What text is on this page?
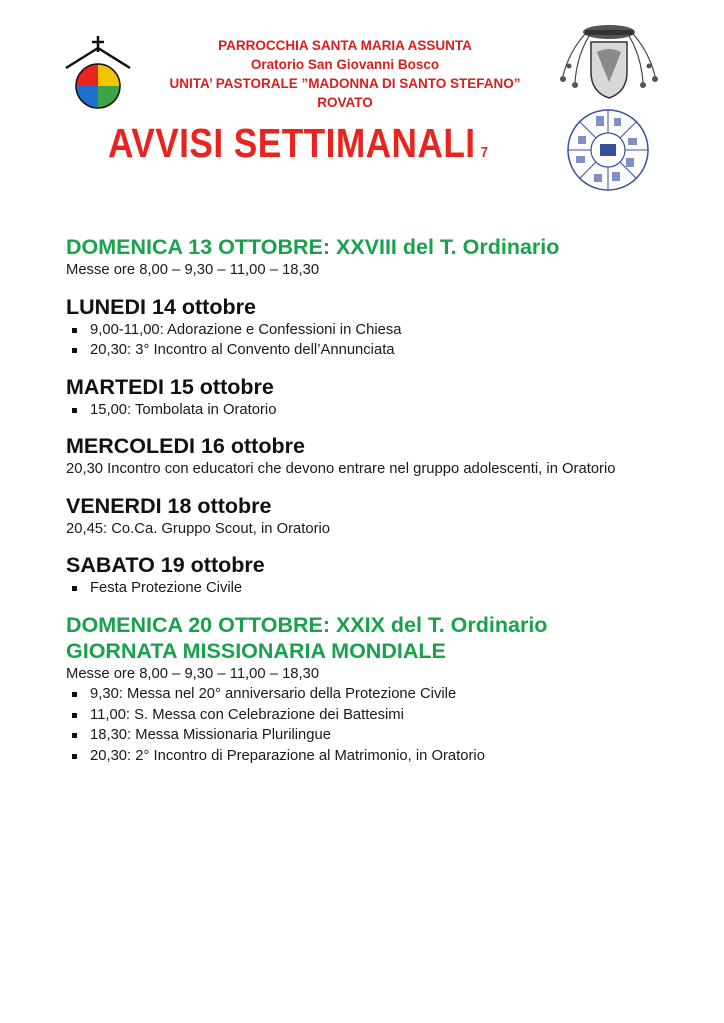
PARROCCHIA SANTA MARIA ASSUNTA
Oratorio San Giovanni Bosco
UNITA’ PASTORALE ”MADONNA DI SANTO STEFANO”
ROVATO
AVVISI SETTIMANALI 7
DOMENICA 13 OTTOBRE: XXVIII del T. Ordinario
Messe ore 8,00 – 9,30 – 11,00 – 18,30
LUNEDI 14 ottobre
9,00-11,00: Adorazione e Confessioni in Chiesa
20,30: 3° Incontro al Convento dell’Annunciata
MARTEDI 15 ottobre
15,00: Tombolata in Oratorio
MERCOLEDI 16 ottobre
20,30 Incontro con educatori che devono entrare nel gruppo adolescenti, in Oratorio
VENERDI 18 ottobre
20,45: Co.Ca. Gruppo Scout, in Oratorio
SABATO 19 ottobre
Festa Protezione Civile
DOMENICA 20 OTTOBRE: XXIX del T. Ordinario
GIORNATA MISSIONARIA MONDIALE
Messe ore 8,00 – 9,30 – 11,00 – 18,30
9,30: Messa nel 20° anniversario della Protezione Civile
11,00: S. Messa con Celebrazione dei Battesimi
18,30: Messa Missionaria Plurilingue
20,30: 2° Incontro di Preparazione al Matrimonio, in Oratorio
